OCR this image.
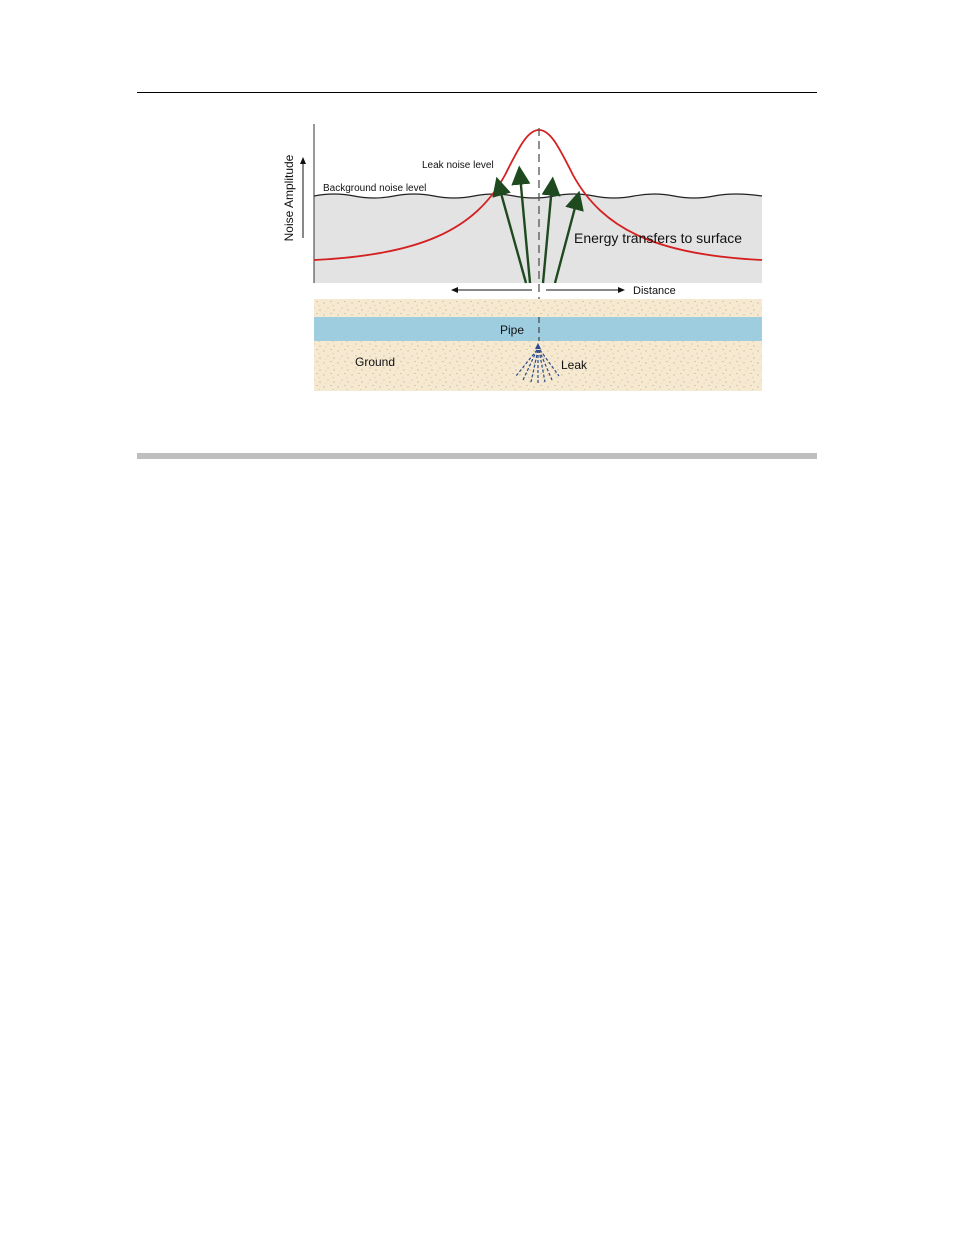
Noise Amplitude	Leak noise level
Background noise level
Energy transfers to surface
Distance
Pipe
Ground	Leak
